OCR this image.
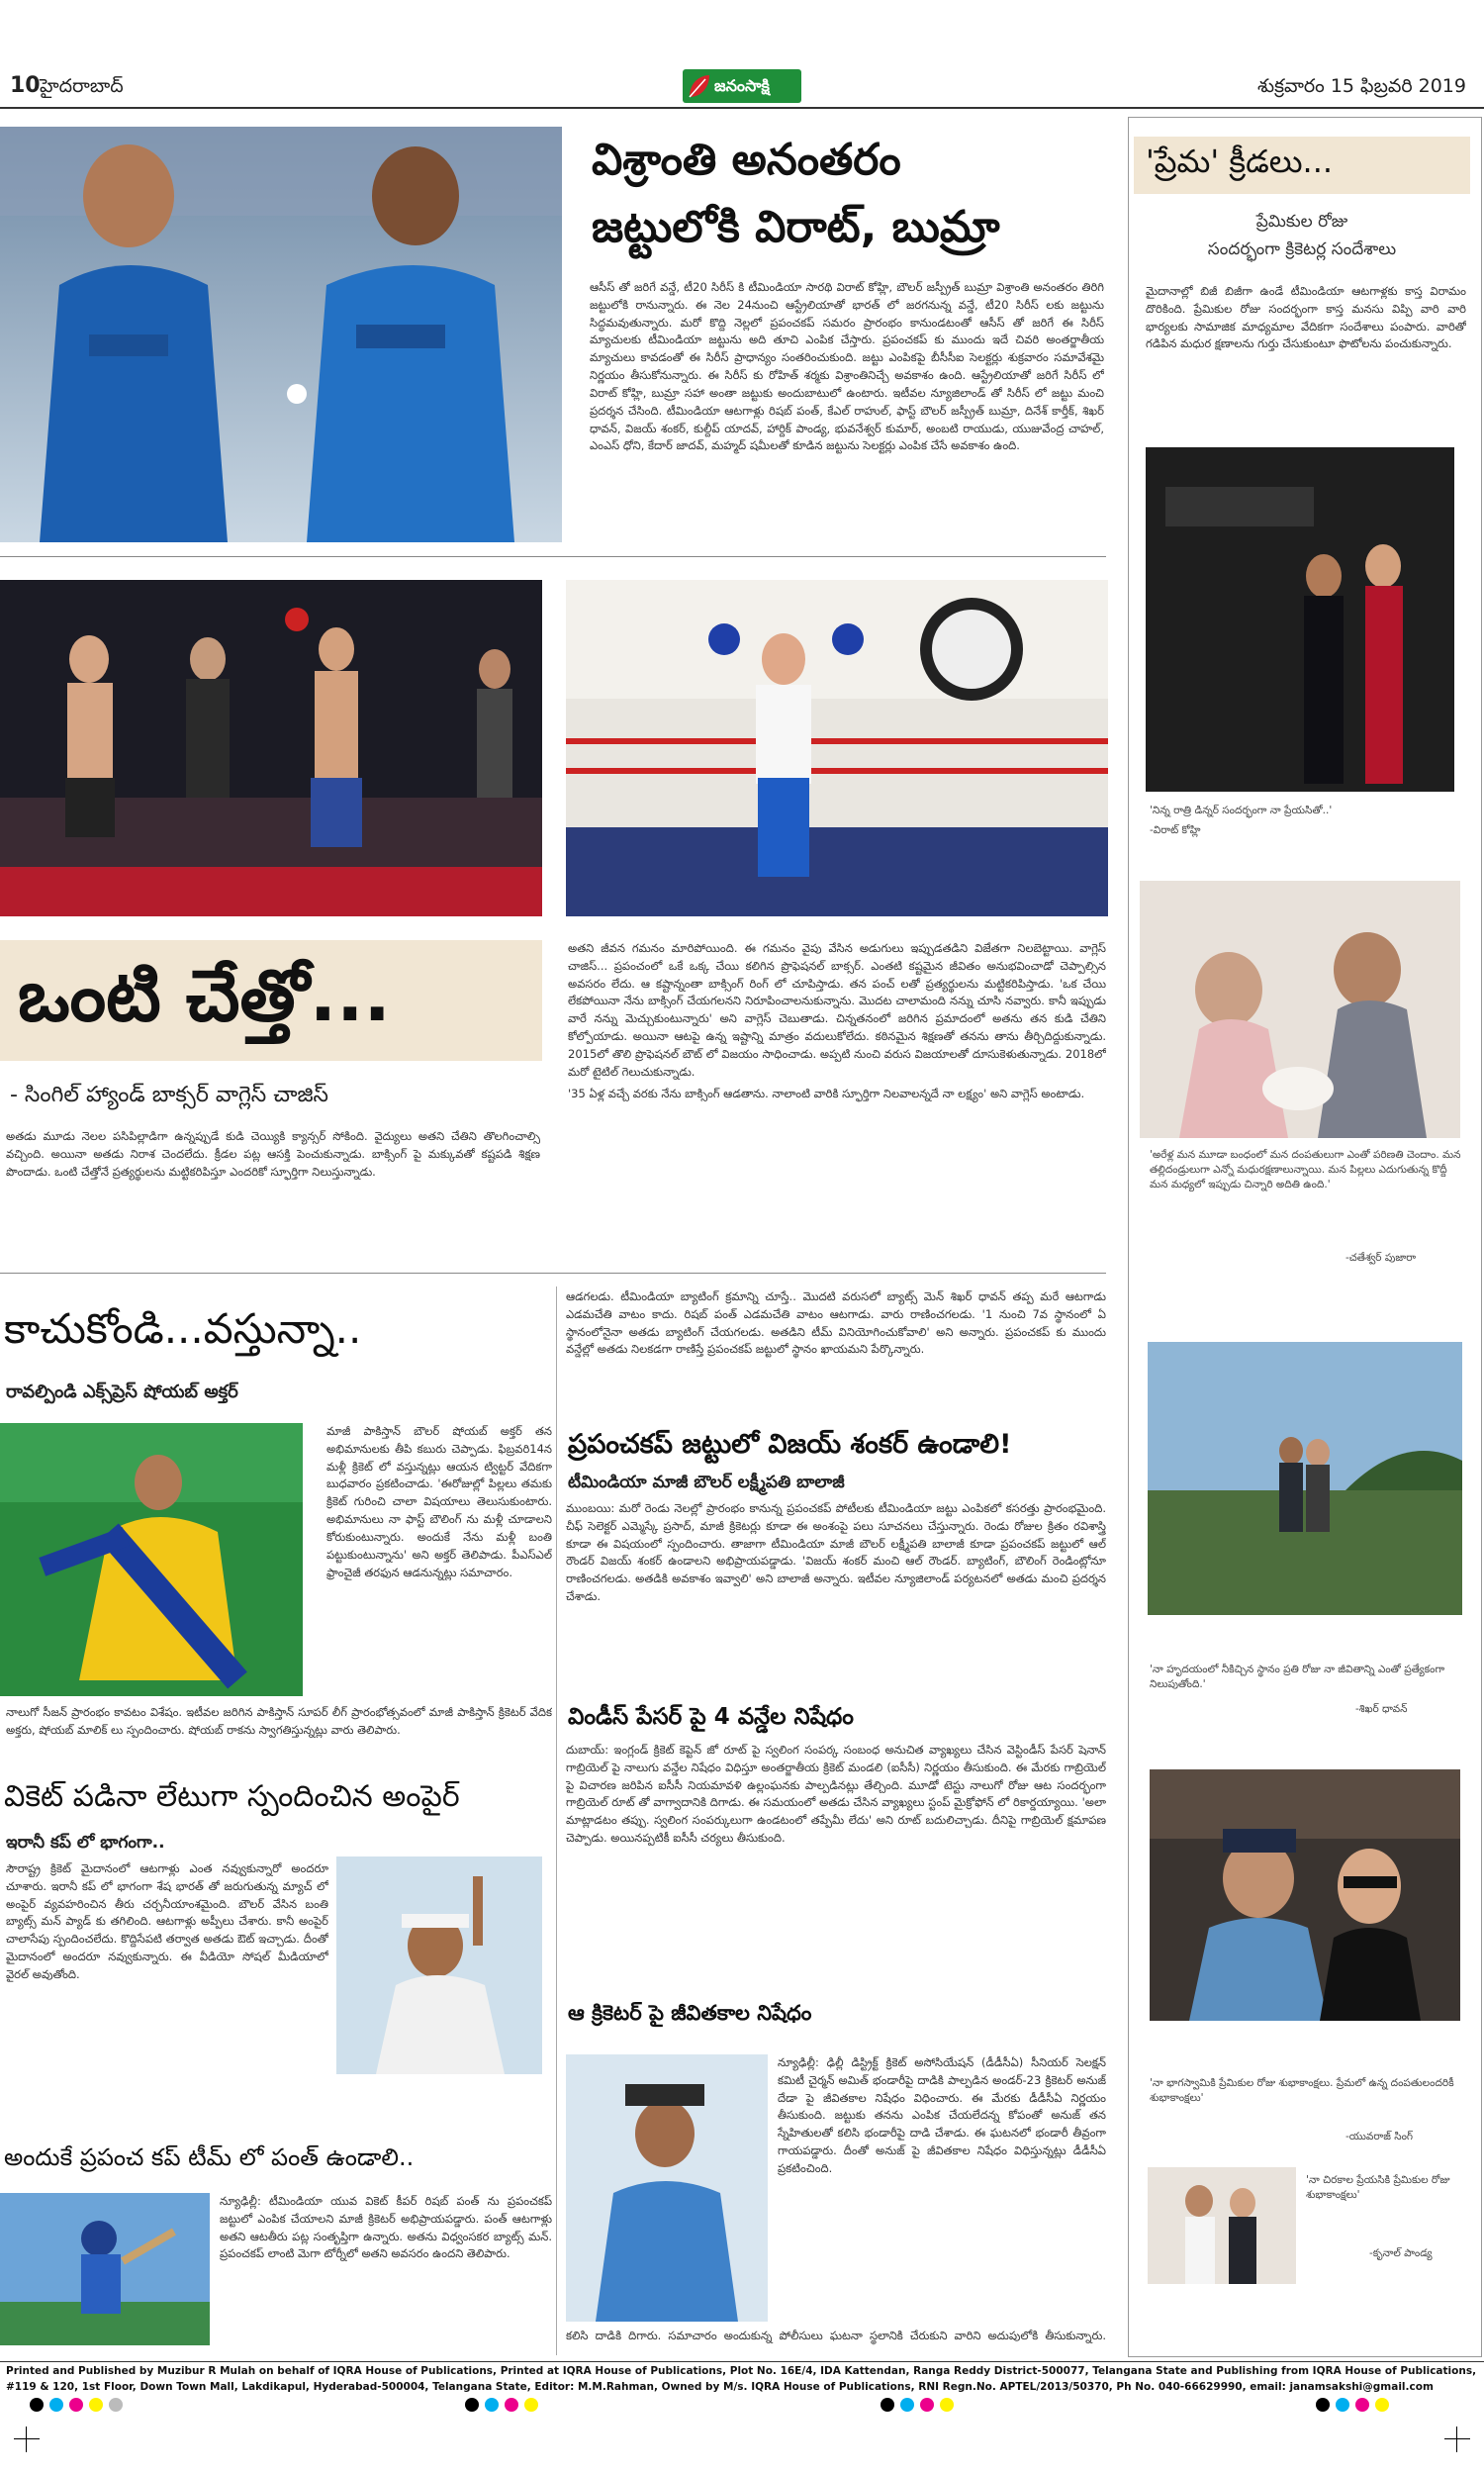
10 హైదరాబాద్	జనంసాక్షి	శుక్రవారం 15 ఫిబ్రవరి 2019
విశ్రాంతి అనంతరం
జట్టులోకి విరాట్, బుమ్రా

ఆసీస్ తో జరిగే వన్డే, టీ20 సిరీస్ కి టీమిండియా సారథి విరాట్ కోహ్లి, బౌలర్ జస్ప్రీత్ బుమ్రా విశ్రాంతి అనంతరం తిరిగి జట్టులోకి రానున్నారు. ఈ నెల 24నుంచి ఆస్ట్రేలియాతో భారత్ లో జరగనున్న వన్డే, టీ20 సిరీస్ లకు జట్టును సిద్ధమవుతున్నారు. మరో కొద్ది నెల్లలో ప్రపంచకప్ సమరం ప్రారంభం కానుండటంతో ఆసీస్ తో జరిగే ఈ సిరీస్ మ్యాచులకు టీమిండియా జట్టును అది తూచి ఎంపిక చేస్తారు. ప్రపంచకప్ కు ముందు ఇదే చివరి అంతర్జాతీయ మ్యాచులు కావడంతో ఈ సిరీస్ ప్రాధాన్యం సంతరించుకుంది. జట్టు ఎంపికపై బీసీసీఐ సెలక్టర్లు శుక్రవారం సమావేశమై నిర్ణయం తీసుకోనున్నారు. ఈ సిరీస్ కు రోహిత్ శర్మకు విశ్రాంతినిచ్చే అవకాశం ఉంది. ఆస్ట్రేలియాతో జరిగే సిరీస్ లో విరాట్ కోహ్లి, బుమ్రా సహా అంతా జట్టుకు అందుబాటులో ఉంటారు. ఇటీవల న్యూజిలాండ్ తో సిరీస్ లో జట్టు మంచి ప్రదర్శన చేసింది. టీమిండియా ఆటగాళ్లు రిషబ్ పంత్, కేఎల్ రాహుల్, ఫాస్ట్ బౌలర్ జస్ప్రీత్ బుమ్రా, దినేశ్ కార్తీక్, శిఖర్ ధావన్, విజయ్ శంకర్, కుల్దీప్ యాదవ్, హార్దిక్ పాండ్య, భువనేశ్వర్ కుమార్, అంబటి రాయుడు, యుజువేంద్ర చాహల్, ఎంఎస్ ధోని, కేదార్ జాదవ్, మహ్మద్ షమీలతో కూడిన జట్టును సెలక్టర్లు ఎంపిక చేసే అవకాశం ఉంది.

ఒంటి చేత్తో...
- సింగిల్ హ్యాండ్ బాక్సర్ వాగ్లెస్ చాజిస్

అతడు మూడు నెలల పసిపిల్లాడిగా ఉన్నప్పుడే కుడి చెయ్యికి క్యాన్సర్ సోకింది. వైద్యులు అతని చేతిని తొలగించాల్సి వచ్చింది. అయినా అతడు నిరాశ చెందలేదు. క్రీడల పట్ల ఆసక్తి పెంచుకున్నాడు. బాక్సింగ్ పై మక్కువతో కష్టపడి శిక్షణ పొందాడు. ఒంటి చేత్తోనే ప్రత్యర్థులను మట్టికరిపిస్తూ ఎందరికో స్ఫూర్తిగా నిలుస్తున్నాడు.

అతని జీవన గమనం మారిపోయింది. ఈ గమనం వైపు వేసిన అడుగులు ఇప్పుడతడిని విజేతగా నిలబెట్టాయి. వాగ్లెస్ చాజిస్... ప్రపంచంలో ఒకే ఒక్క చేయి కలిగిన ప్రొఫెషనల్ బాక్సర్. ఎంతటి కష్టమైన జీవితం అనుభవించాడో చెప్పాల్సిన అవసరం లేదు. ఆ కష్టాన్నంతా బాక్సింగ్ రింగ్ లో చూపిస్తాడు. తన పంచ్ లతో ప్రత్యర్థులను మట్టికరిపిస్తాడు. 'ఒక చేయి లేకపోయినా నేను బాక్సింగ్ చేయగలనని నిరూపించాలనుకున్నాను. మొదట చాలామంది నన్ను చూసి నవ్వారు. కానీ ఇప్పుడు వారే నన్ను మెచ్చుకుంటున్నారు' అని వాగ్లెస్ చెబుతాడు. చిన్నతనంలో జరిగిన ప్రమాదంలో అతను తన కుడి చేతిని కోల్పోయాడు. అయినా ఆటపై ఉన్న ఇష్టాన్ని మాత్రం వదులుకోలేదు. కఠినమైన శిక్షణతో తనను తాను తీర్చిదిద్దుకున్నాడు. 2015లో తొలి ప్రొఫెషనల్ బౌట్ లో విజయం సాధించాడు. అప్పటి నుంచి వరుస విజయాలతో దూసుకెళుతున్నాడు. 2018లో మరో టైటిల్ గెలుచుకున్నాడు.

'35 ఏళ్ల వచ్చే వరకు నేను బాక్సింగ్ ఆడతాను. నాలాంటి వారికి స్ఫూర్తిగా నిలవాలన్నదే నా లక్ష్యం' అని వాగ్లెస్ అంటాడు.

కాచుకోండి...వస్తున్నా..
రావల్పిండి ఎక్స్‌ప్రెస్ షోయబ్ అక్తర్

మాజీ పాకిస్తాన్ బౌలర్ షోయబ్ అక్తర్ తన అభిమానులకు తీపి కబురు చెప్పాడు. ఫిబ్రవరి14న మళ్లీ క్రికెట్ లో వస్తున్నట్లు ఆయన ట్విట్టర్ వేదికగా బుధవారం ప్రకటించాడు. 'ఈరోజుల్లో పిల్లలు తమకు క్రికెట్ గురించి చాలా విషయాలు తెలుసుకుంటారు. అభిమానులు నా ఫాస్ట్ బౌలింగ్ ను మళ్లీ చూడాలని కోరుకుంటున్నారు. అందుకే నేను మళ్లీ బంతి పట్టుకుంటున్నాను' అని అక్తర్ తెలిపాడు. పీఎస్ఎల్ ఫ్రాంచైజీ తరఫున ఆడనున్నట్లు సమాచారం.

నాలుగో సీజన్ ప్రారంభం కావటం విశేషం. ఇటీవల జరిగిన పాకిస్తాన్ సూపర్ లీగ్ ప్రారంభోత్సవంలో మాజీ పాకిస్తాన్ క్రికెటర్ వేదిక అక్తరు, షోయబ్ మాలిక్ లు స్పందించారు. షోయబ్ రాకను స్వాగతిస్తున్నట్లు వారు తెలిపారు.

వికెట్ పడినా లేటుగా స్పందించిన అంపైర్
ఇరానీ కప్ లో భాగంగా..

సౌరాష్ట్ర క్రికెట్ మైదానంలో ఆటగాళ్లు ఎంత నవ్వుకున్నారో అందరూ చూశారు. ఇరానీ కప్ లో భాగంగా శేష భారత్ తో జరుగుతున్న మ్యాచ్ లో అంపైర్ వ్యవహరించిన తీరు చర్చనీయాంశమైంది. బౌలర్ వేసిన బంతి బ్యాట్స్ మన్ ప్యాడ్ కు తగిలింది. ఆటగాళ్లు అప్పీలు చేశారు. కానీ అంపైర్ చాలాసేపు స్పందించలేదు. కొద్దిసేపటి తర్వాత అతడు ఔట్ ఇచ్చాడు. దీంతో మైదానంలో అందరూ నవ్వుకున్నారు. ఈ వీడియో సోషల్ మీడియాలో వైరల్ అవుతోంది.

అందుకే ప్రపంచ కప్ టీమ్ లో పంత్ ఉండాలి..

న్యూఢిల్లీ: టీమిండియా యువ వికెట్ కీపర్ రిషబ్ పంత్ ను ప్రపంచకప్ జట్టులో ఎంపిక చేయాలని మాజీ క్రికెటర్ అభిప్రాయపడ్డారు. పంత్ ఆటగాళ్లు అతని ఆటతీరు పట్ల సంతృప్తిగా ఉన్నారు. అతను విధ్వంసకర బ్యాట్స్ మన్. ప్రపంచకప్ లాంటి మెగా టోర్నీలో అతని అవసరం ఉందని తెలిపారు.

ఆడగలడు. టీమిండియా బ్యాటింగ్ క్రమాన్ని చూస్తే.. మొదటి వరుసలో బ్యాట్స్ మెన్ శిఖర్ ధావన్ తప్ప మరే ఆటగాడు ఎడమచేతి వాటం కాదు. రిషబ్ పంత్ ఎడమచేతి వాటం ఆటగాడు. వారు రాణించగలడు. '1 నుంచి 7వ స్థానంలో ఏ స్థానంలోనైనా అతడు బ్యాటింగ్ చేయగలడు. అతడిని టీమ్ వినియోగించుకోవాలి' అని అన్నారు. ప్రపంచకప్ కు ముందు వన్డేల్లో అతడు నిలకడగా రాణిస్తే ప్రపంచకప్ జట్టులో స్థానం ఖాయమని పేర్కొన్నారు.

ప్రపంచకప్ జట్టులో విజయ్ శంకర్ ఉండాలి!
టీమిండియా మాజీ బౌలర్ లక్ష్మీపతి బాలాజీ

ముంబయి: మరో రెండు నెలల్లో ప్రారంభం కానున్న ప్రపంచకప్ పోటీలకు టీమిండియా జట్టు ఎంపికలో కసరత్తు ప్రారంభమైంది. చీఫ్ సెలెక్టర్ ఎమ్మెస్కే ప్రసాద్, మాజీ క్రికెటర్లు కూడా ఈ అంశంపై పలు సూచనలు చేస్తున్నారు. రెండు రోజుల క్రితం రవిశాస్త్రి కూడా ఈ విషయంలో స్పందించారు. తాజాగా టీమిండియా మాజీ బౌలర్ లక్ష్మీపతి బాలాజీ కూడా ప్రపంచకప్ జట్టులో ఆల్ రౌండర్ విజయ్ శంకర్ ఉండాలని అభిప్రాయపడ్డాడు. 'విజయ్ శంకర్ మంచి ఆల్ రౌండర్. బ్యాటింగ్, బౌలింగ్ రెండింట్లోనూ రాణించగలడు. అతడికి అవకాశం ఇవ్వాలి' అని బాలాజీ అన్నారు. ఇటీవల న్యూజిలాండ్ పర్యటనలో అతడు మంచి ప్రదర్శన చేశాడు.

విండీస్ పేసర్ పై 4 వన్డేల నిషేధం

దుబాయ్: ఇంగ్లండ్ క్రికెట్ కెప్టెన్ జో రూట్ పై స్వలింగ సంపర్క సంబంధ అనుచిత వ్యాఖ్యలు చేసిన వెస్టిండీస్ పేసర్ షెనాన్ గాబ్రియెల్ పై నాలుగు వన్డేల నిషేధం విధిస్తూ అంతర్జాతీయ క్రికెట్ మండలి (ఐసీసీ) నిర్ణయం తీసుకుంది. ఈ మేరకు గాబ్రియెల్ పై విచారణ జరిపిన ఐసీసీ నియమావళి ఉల్లంఘనకు పాల్పడినట్లు తేల్చింది. మూడో టెస్టు నాలుగో రోజు ఆట సందర్భంగా గాబ్రియెల్ రూట్ తో వాగ్వాదానికి దిగాడు. ఈ సమయంలో అతడు చేసిన వ్యాఖ్యలు స్టంప్ మైక్రోఫోన్ లో రికార్డయ్యాయి. 'అలా మాట్లాడటం తప్పు. స్వలింగ సంపర్కులుగా ఉండటంలో తప్పేమీ లేదు' అని రూట్ బదులిచ్చాడు. దీనిపై గాబ్రియెల్ క్షమాపణ చెప్పాడు. అయినప్పటికీ ఐసీసీ చర్యలు తీసుకుంది.

ఆ క్రికెటర్ పై జీవితకాల నిషేధం

న్యూఢిల్లీ: ఢిల్లీ డిస్ట్రిక్ట్ క్రికెట్ అసోసియేషన్ (డీడీసీఏ) సీనియర్ సెలక్షన్ కమిటీ చైర్మన్ అమిత్ భండారీపై దాడికి పాల్పడిన అండర్-23 క్రికెటర్ అనుజ్ దేడా పై జీవితకాల నిషేధం విధించారు. ఈ మేరకు డీడీసీఏ నిర్ణయం తీసుకుంది. జట్టుకు తనను ఎంపిక చేయలేదన్న కోపంతో అనుజ్ తన స్నేహితులతో కలిసి భండారీపై దాడి చేశాడు. ఈ ఘటనలో భండారీ తీవ్రంగా గాయపడ్డారు. దీంతో అనుజ్ పై జీవితకాల నిషేధం విధిస్తున్నట్లు డీడీసీఏ ప్రకటించింది.

కలిసి దాడికి దిగారు. సమాచారం అందుకున్న పోలీసులు ఘటనా స్థలానికి చేరుకుని వారిని అదుపులోకి తీసుకున్నారు.

'ప్రేమ' క్రీడలు...
ప్రేమికుల రోజు
సందర్భంగా క్రికెటర్ల సందేశాలు

మైదానాల్లో బిజీ బిజీగా ఉండే టీమిండియా ఆటగాళ్లకు కాస్త విరామం దొరికింది. ప్రేమికుల రోజు సందర్భంగా కాస్త మనసు విప్పి వారి వారి భార్యలకు సామాజిక మాధ్యమాల వేదికగా సందేశాలు పంపారు. వారితో గడిపిన మధుర క్షణాలను గుర్తు చేసుకుంటూ ఫొటోలను పంచుకున్నారు.

'నిన్న రాత్రి డిన్నర్ సందర్భంగా నా ప్రేయసితో..'
-విరాట్ కోహ్లి
'అరేళ్ల మన మూడా బంధంలో మన దంపతులుగా ఎంతో పరిణతి చెందాం. మన తల్లిదండ్రులుగా ఎన్నో మధురక్షణాలున్నాయి. మన పిల్లలు ఎదుగుతున్న కొద్దీ మన మధ్యలో ఇప్పుడు చిన్నారి అదితి ఉంది.'
-చతేశ్వర్ పుజారా
'నా హృదయంలో నీకిచ్చిన స్థానం ప్రతి రోజు నా జీవితాన్ని ఎంతో ప్రత్యేకంగా నిలుపుతోంది.'
-శిఖర్ ధావన్
'నా భాగస్వామికి ప్రేమికుల రోజు శుభాకాంక్షలు. ప్రేమలో ఉన్న దంపతులందరికీ శుభాకాంక్షలు'
-యువరాజ్ సింగ్
'నా చిరకాల ప్రేయసికి ప్రేమికుల రోజు శుభాకాంక్షలు'
-కృనాల్ పాండ్య
Printed and Published by Muzibur R Mulah on behalf of IQRA House of Publications, Printed at IQRA House of Publications, Plot No. 16E/4, IDA Kattendan, Ranga Reddy District-500077, Telangana State and Publishing from IQRA House of Publications,
#119 & 120, 1st Floor, Down Town Mall, Lakdikapul, Hyderabad-500004, Telangana State, Editor: M.M.Rahman, Owned by M/s. IQRA House of Publications, RNI Regn.No. APTEL/2013/50370, Ph No. 040-66629990, email: janamsakshi@gmail.com
